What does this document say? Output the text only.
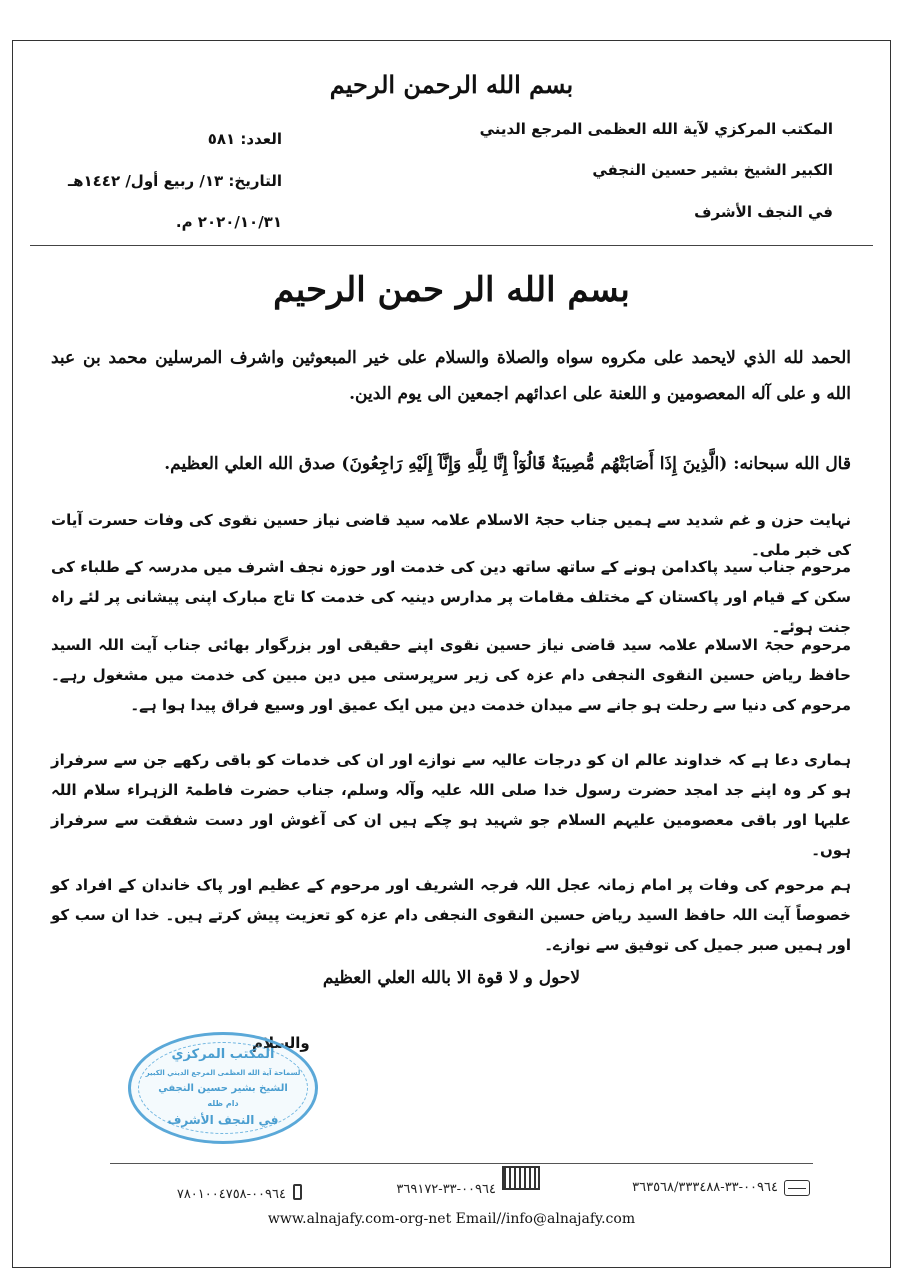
بسم الله الرحمن الرحيم
المكتب المركزي لآية الله العظمى المرجع الديني
الكبير الشيخ بشير حسين النجفي
في النجف الأشرف
العدد: ٥٨١
التاريخ: ١٣/ ربيع أول/ ١٤٤٢هـ
٢٠٢٠/١٠/٣١ م.
بسم الله الر حمن الرحيم
الحمد لله الذي لايحمد على مكروه سواه والصلاة والسلام على خير المبعوثين واشرف المرسلين محمد بن عبد الله و على آله المعصومين و اللعنة على اعدائهم اجمعين الى يوم الدين.
قال الله سبحانه: (الَّذِينَ إِذَا أَصَابَتْهُم مُّصِيبَةٌ قَالُوٓاْ إِنَّا لِلَّهِ وَإِنَّآ إِلَيْهِ رَاجِعُونَ) صدق الله العلي العظيم.
نہایت حزن و غم شدید سے ہمیں جناب حجۃ الاسلام علامہ سید قاضی نیاز حسین نقوی کی وفات حسرت آیات کی خبر ملی۔
مرحوم جناب سید پاکدامن ہونے کے ساتھ ساتھ دین کی خدمت اور حوزہ نجف اشرف میں مدرسہ کے طلباء کی سکن کے قیام اور پاکستان کے مختلف مقامات پر مدارس دینیہ کی خدمت کا تاج مبارک اپنی پیشانی پر لئے راہ جنت ہوئے۔
مرحوم حجۃ الاسلام علامہ سید قاضی نیاز حسین نقوی اپنے حقیقی اور بزرگوار بھائی جناب آیت اللہ السید حافظ ریاض حسین النقوی النجفی دام عزہ کی زیر سرپرستی میں دین مبین کی خدمت میں مشغول رہے۔ مرحوم کی دنیا سے رحلت ہو جانے سے میدان خدمت دین میں ایک عمیق اور وسیع فراق پیدا ہوا ہے۔
ہماری دعا ہے کہ خداوند عالم ان کو درجات عالیہ سے نوازے اور ان کی خدمات کو باقی رکھے جن سے سرفراز ہو کر وہ اپنے جد امجد حضرت رسول خدا صلی اللہ علیہ وآلہ وسلم، جناب حضرت فاطمۃ الزہراء سلام اللہ علیہا اور باقی معصومین علیہم السلام جو شہید ہو چکے ہیں ان کی آغوش اور دست شفقت سے سرفراز ہوں۔
ہم مرحوم کی وفات پر امام زمانہ عجل اللہ فرجہ الشریف اور مرحوم کے عظیم اور پاک خاندان کے افراد کو خصوصاً آیت اللہ حافظ السید ریاض حسین النقوی النجفی دام عزہ کو تعزیت پیش کرتے ہیں۔ خدا ان سب کو اور ہمیں صبر جمیل کی توفیق سے نوازے۔
لاحول و لا قوة الا بالله العلي العظيم
والسلام
المكتب المركزي
لسماحة آية الله العظمى المرجع الديني الكبير
الشيخ بشير حسين النجفي
دام ظله
في النجف الأشرف
٠٠٩٦٤-٣٣-٣٦٣٥٦٨/٣٣٣٤٨٨
٠٠٩٦٤-٣٣-٣٦٩١٧٢
٠٠٩٦٤-٧٨٠١٠٠٤٧٥٨
www.alnajafy.com-org-net Email//info@alnajafy.com
